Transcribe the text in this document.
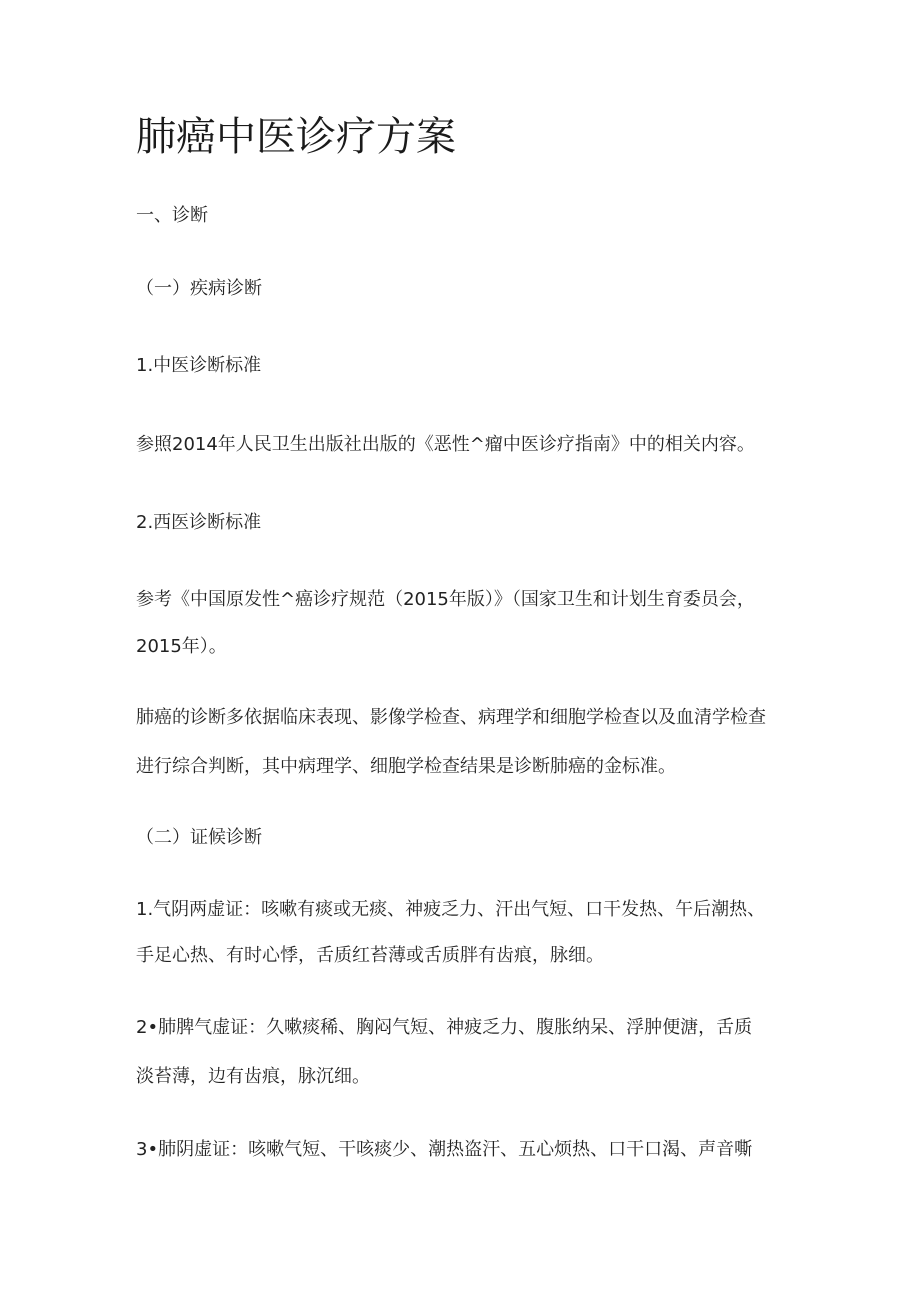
肺癌中医诊疗方案

一、诊断

（一）疾病诊断

1.中医诊断标准

参照2014年人民卫生出版社出版的《恶性^瘤中医诊疗指南》中的相关内容。

2.西医诊断标准

参考《中国原发性^癌诊疗规范（2015年版）》（国家卫生和计划生育委员会，

2015年）。

肺癌的诊断多依据临床表现、影像学检查、病理学和细胞学检查以及血清学检查

进行综合判断，其中病理学、细胞学检查结果是诊断肺癌的金标准。

（二）证候诊断

1.气阴两虚证：咳嗽有痰或无痰、神疲乏力、汗出气短、口干发热、午后潮热、

手足心热、有时心悸，舌质红苔薄或舌质胖有齿痕，脉细。

2•肺脾气虚证：久嗽痰稀、胸闷气短、神疲乏力、腹胀纳呆、浮肿便溏，舌质

淡苔薄，边有齿痕，脉沉细。

3•肺阴虚证：咳嗽气短、干咳痰少、潮热盗汗、五心烦热、口干口渴、声音嘶
